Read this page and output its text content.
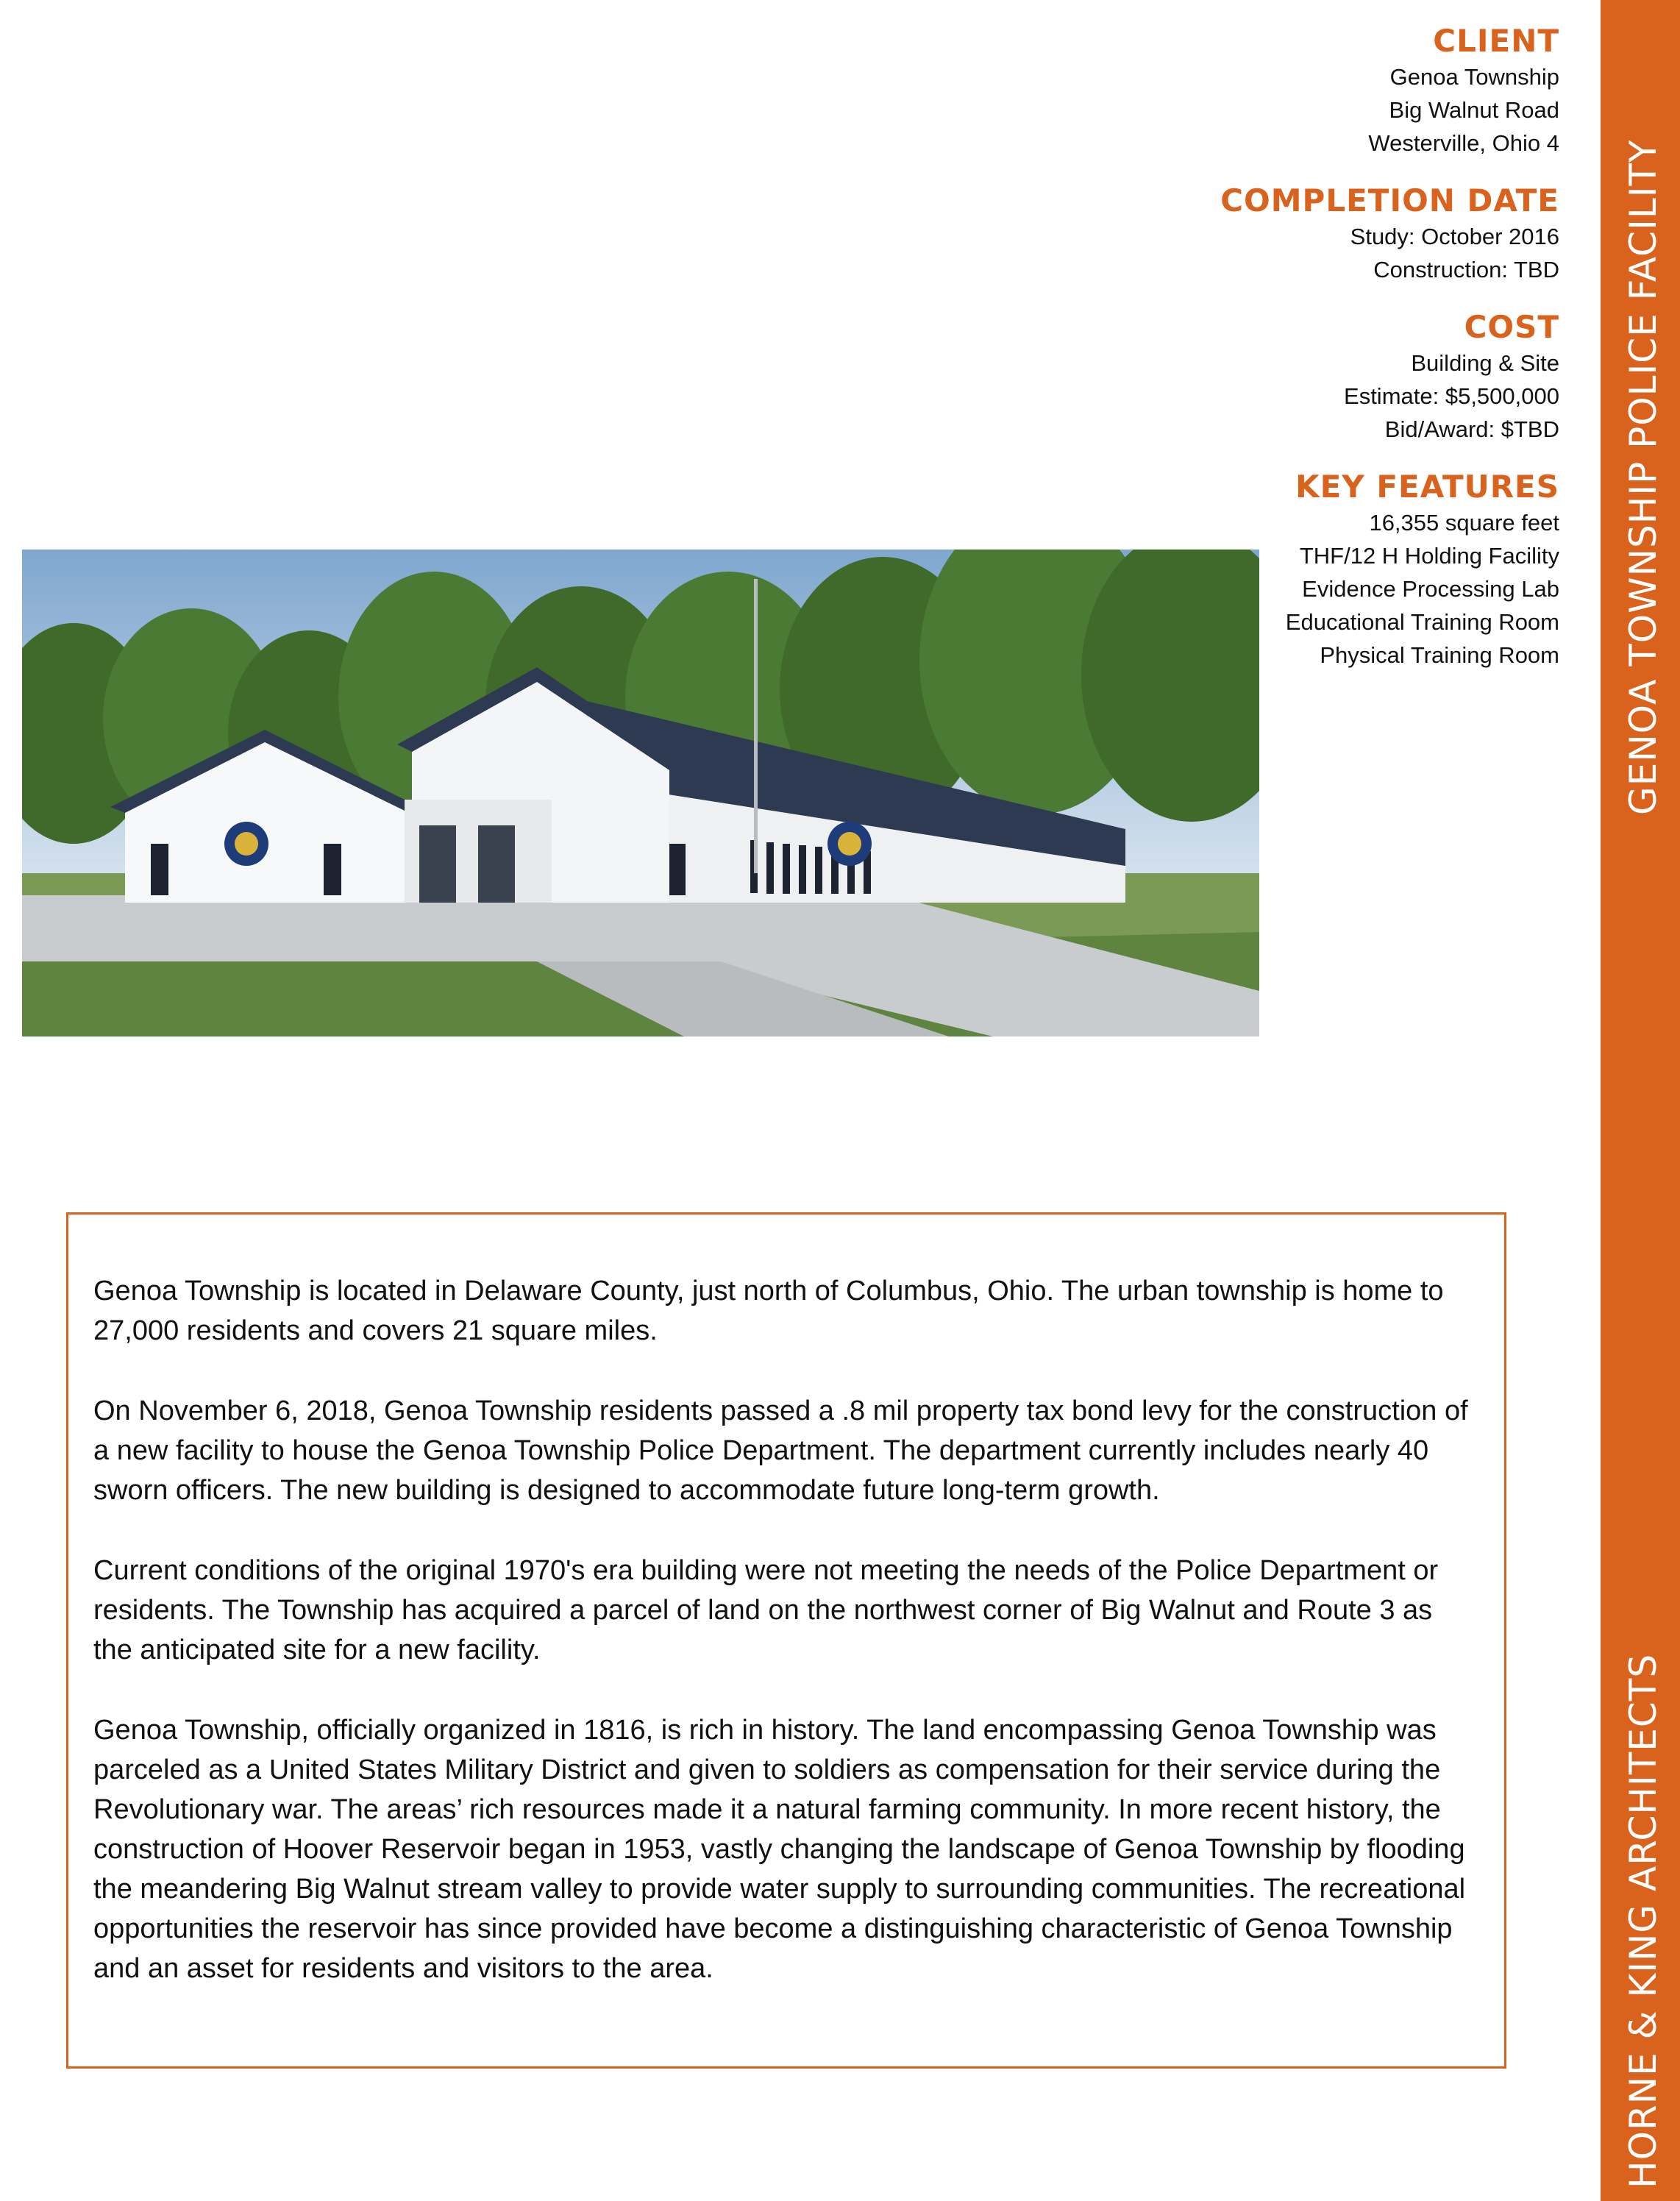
GENOA TOWNSHIP POLICE FACILITY
HORNE & KING ARCHITECTS
CLIENT
Genoa Township
Big Walnut Road
Westerville, Ohio 4
COMPLETION DATE
Study: October 2016
Construction: TBD
COST
Building & Site
Estimate: $5,500,000
Bid/Award: $TBD
KEY FEATURES
16,355 square feet
THF/12 H Holding Facility
Evidence Processing Lab
Educational Training Room
Physical Training Room

Genoa Township is located in Delaware County, just north of Columbus, Ohio. The urban township is home to 27,000 residents and covers 21 square miles.

On November 6, 2018, Genoa Township residents passed a .8 mil property tax bond levy for the construction of a new facility to house the Genoa Township Police Department. The department currently includes nearly 40 sworn officers. The new building is designed to accommodate future long-term growth.

Current conditions of the original 1970's era building were not meeting the needs of the Police Department or residents. The Township has acquired a parcel of land on the northwest corner of Big Walnut and Route 3 as the anticipated site for a new facility.

Genoa Township, officially organized in 1816, is rich in history. The land encompassing Genoa Township was parceled as a United States Military District and given to soldiers as compensation for their service during the Revolutionary war. The areas’ rich resources made it a natural farming community. In more recent history, the construction of Hoover Reservoir began in 1953, vastly changing the landscape of Genoa Township by flooding the meandering Big Walnut stream valley to provide water supply to surrounding communities. The recreational opportunities the reservoir has since provided have become a distinguishing characteristic of Genoa Township and an asset for residents and visitors to the area.
